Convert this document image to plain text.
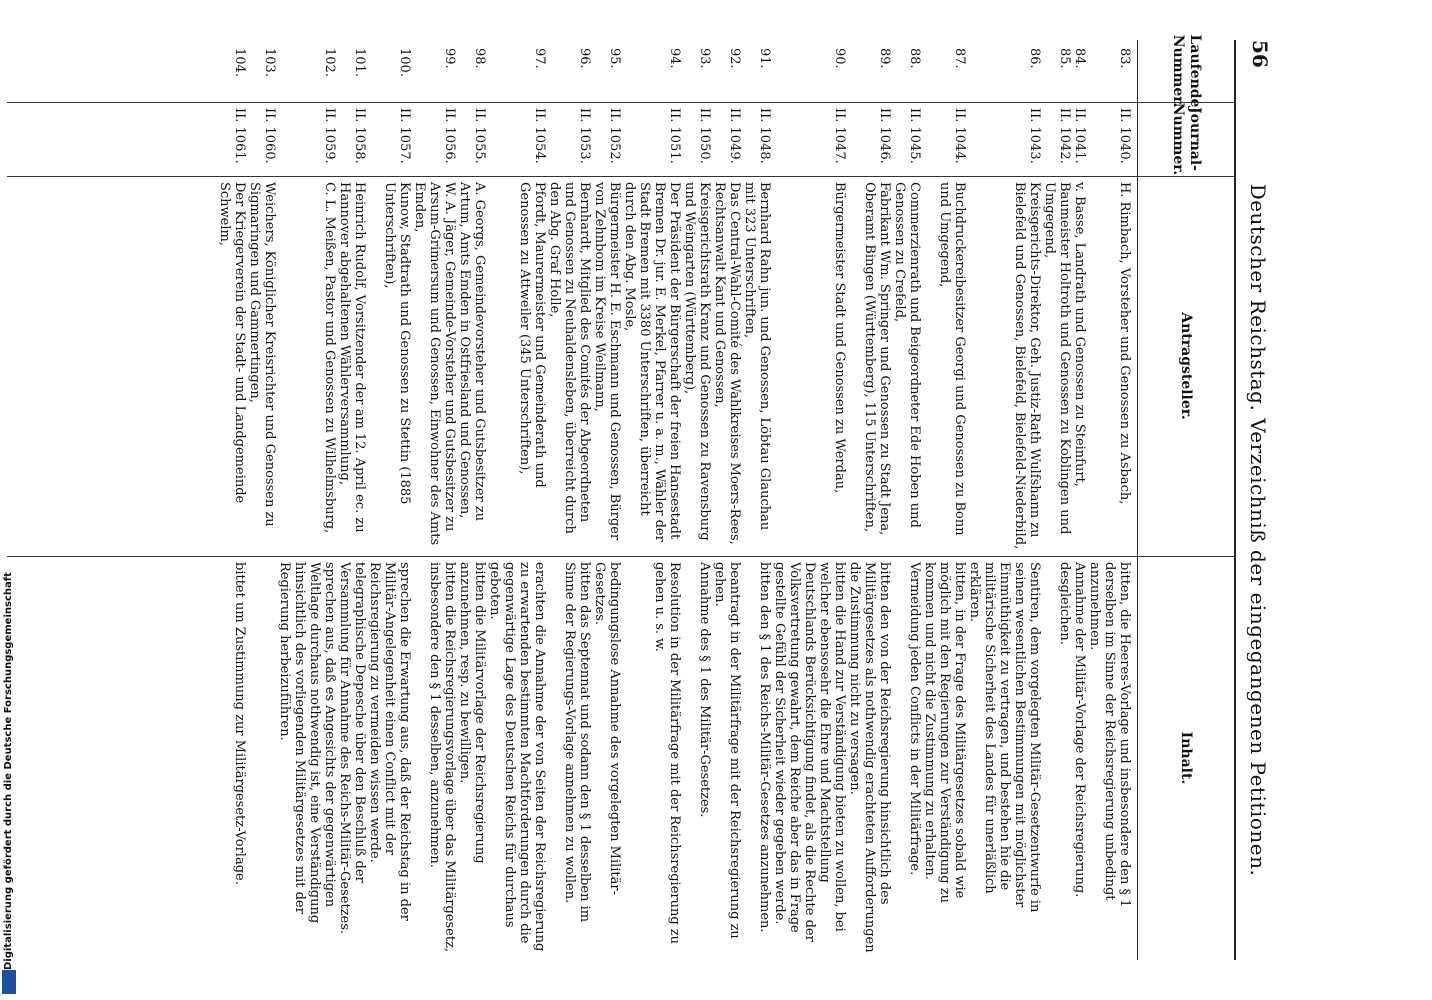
56
Deutscher Reichstag. Verzeichniß der eingegangenen Petitionen.
Laufende Nummer.
Journal- Nummer.
Antragsteller.
Inhalt.
83.
II. 1040.
H. Rimbach, Vorsteher und Genossen zu Asbach,
bitten, die Heeres-Vorlage und insbesondere den § 1 derselben im Sinne der Reichsregierung unbedingt anzunehmen.
84.
II. 1041.
v. Basse, Landrath und Genossen zu Steinfurt,
Annahme der Militär-Vorlage der Reichsregierung.
85.
II. 1042.
Baumeister Holtroth und Genossen zu Koblingen und Umgegend,
desgleichen.
86.
II. 1043.
Kreisgerichts-Direktor, Geh. Justiz-Rath Wulfshann zu Bielefeld und Genossen, Bielefeld, Bielefeld-Niederbild,
Sentiren, dem vorgelegten Militär-Gesetzentwurfe in seinen wesentlichen Bestimmungen mit möglichster Einmüthigkeit zu vertragen, und bestehen hie die militärische Sicherheit des Landes für unerläßlich erklären.
87.
II. 1044.
Buchdruckereibesitzer Georgi und Genossen zu Bonn und Umgegend,
bitten, in der Frage des Militärgesetzes sobald wie möglich mit den Regierungen zur Verständigung zu kommen und nicht die Zustimmung zu erhalten.
88.
II. 1045.
Commerzienrath und Beigeordneter Ede Hoben und Genossen zu Crefeld,
Vermeidung jeden Conflicts in der Militärfrage.
89.
II. 1046.
Fabrikant Wm. Springer und Genossen zu Stadt Jena, Oberamt Bingen (Württemberg), 115 Unterschriften,
bitten den von der Reichsregierung hinsichtlich des Militärgesetzes als nothwendig erachteten Aufforderungen die Zustimmung nicht zu versagen.
90.
II. 1047.
Bürgermeister Stadt und Genossen zu Werdau,
bitten die Hand zur Verständigung bieten zu wollen, bei welcher ebensosehr die Ehre und Machtstellung Deutschlands Berücksichtigung findet, als die Rechte der Volksvertretung gewahrt, dem Reiche aber das in Frage gestellte Gefühl der Sicherheit wieder gegeben werde.
91.
II. 1048.
Bernhard Rahn jun. und Genossen, Löbtau Glauchau mit 323 Unterschriften,
bitten den § 1 des Reichs-Militär-Gesetzes anzunehmen.
92.
II. 1049.
Das Central-Wahl-Comité des Wahlkreises Moers-Rees, Rechtsanwalt Kant und Genossen,
beantragt in der Militärfrage mit der Reichsregierung zu gehen.
93.
II. 1050.
Kreisgerichtsrath Kranz und Genossen zu Ravensburg und Weingarten (Württemberg),
Annahme des § 1 des Militär-Gesetzes.
94.
II. 1051.
Der Präsident der Bürgerschaft der freien Hansestadt Bremen Dr. jur. E. Merkel, Pfarrer u. a. m., Wähler der Stadt Bremen mit 3380 Unterschriften, überreicht durch den Abg. Mosle,
Resolution in der Militärfrage mit der Reichsregierung zu gehen u. s. w.
95.
II. 1052.
Bürgermeister H. E. Eschmann und Genossen, Bürger von Zehnbom im Kreise Weilmann,
bedingungslose Annahme des vorgelegten Militär-Gesetzes.
96.
II. 1053.
Bernhardt, Mitglied des Comités der Abgeordneten und Genossen zu Neuhaldensleben, überreicht durch den Abg. Graf Holle,
bitten das Septennat und sodann den § 1 desselben im Sinne der Regierungs-Vorlage annehmen zu wollen.
97.
II. 1054.
Pfordt, Maurermeister und Gemeinderath und Genossen zu Attweiler (345 Unterschriften),
erachten die Annahme der von Seiten der Reichsregierung zu erwartenden bestimmten Machtforderungen durch die gegenwärtige Lage des Deutschen Reichs für durchaus geboten.
98.
II. 1055.
A. Georgs, Gemeindevorsteher und Gutsbesitzer zu Artum, Amts Emden in Ostfriesland und Genossen,
bitten die Militärvorlage der Reichsregierung anzunehmen, resp. zu bewilligen.
99.
II. 1056.
W. A. Jäger, Gemeinde-Vorsteher und Gutsbesitzer zu Arsum-Grimersum und Genossen, Einwohner des Amts Emden,
bitten die Reichsregierungsvorlage über das Militärgesetz, insbesondere den § 1 desselben, anzunehmen.
100.
II. 1057.
Kunow, Stadtrath und Genossen zu Stettin (1885 Unterschriften),
sprechen die Erwartung aus, daß der Reichstag in der Militär-Angelegenheit einen Conflict mit der Reichsregierung zu vermeiden wissen werde.
101.
II. 1058.
Heinrich Rudolf, Vorsitzender der am 12. April ec. zu Hannover abgehaltenen Wählerversammlung,
telegraphische Depesche über den Beschluß der Versammlung für Annahme des Reichs-Militär-Gesetzes.
102.
II. 1059.
C. L. Meißen, Pastor und Genossen zu Wilhelmsburg,
sprechen aus, daß es Angesichts der gegenwärtigen Weltlage durchaus nothwendig ist, eine Verständigung hinsichtlich des vorliegenden Militärgesetzes mit der Regierung herbeizuführen.
103.
II. 1060.
Weichers, Königlicher Kreisrichter und Genossen zu Sigmaringen und Gammertingen,
104.
II. 1061.
Der Kriegerverein der Stadt- und Landgemeinde Schwelm,
bittet um Zustimmung zur Militärgesetz-Vorlage.
Digitalisierung gefördert durch die Deutsche Forschungsgemeinschaft
